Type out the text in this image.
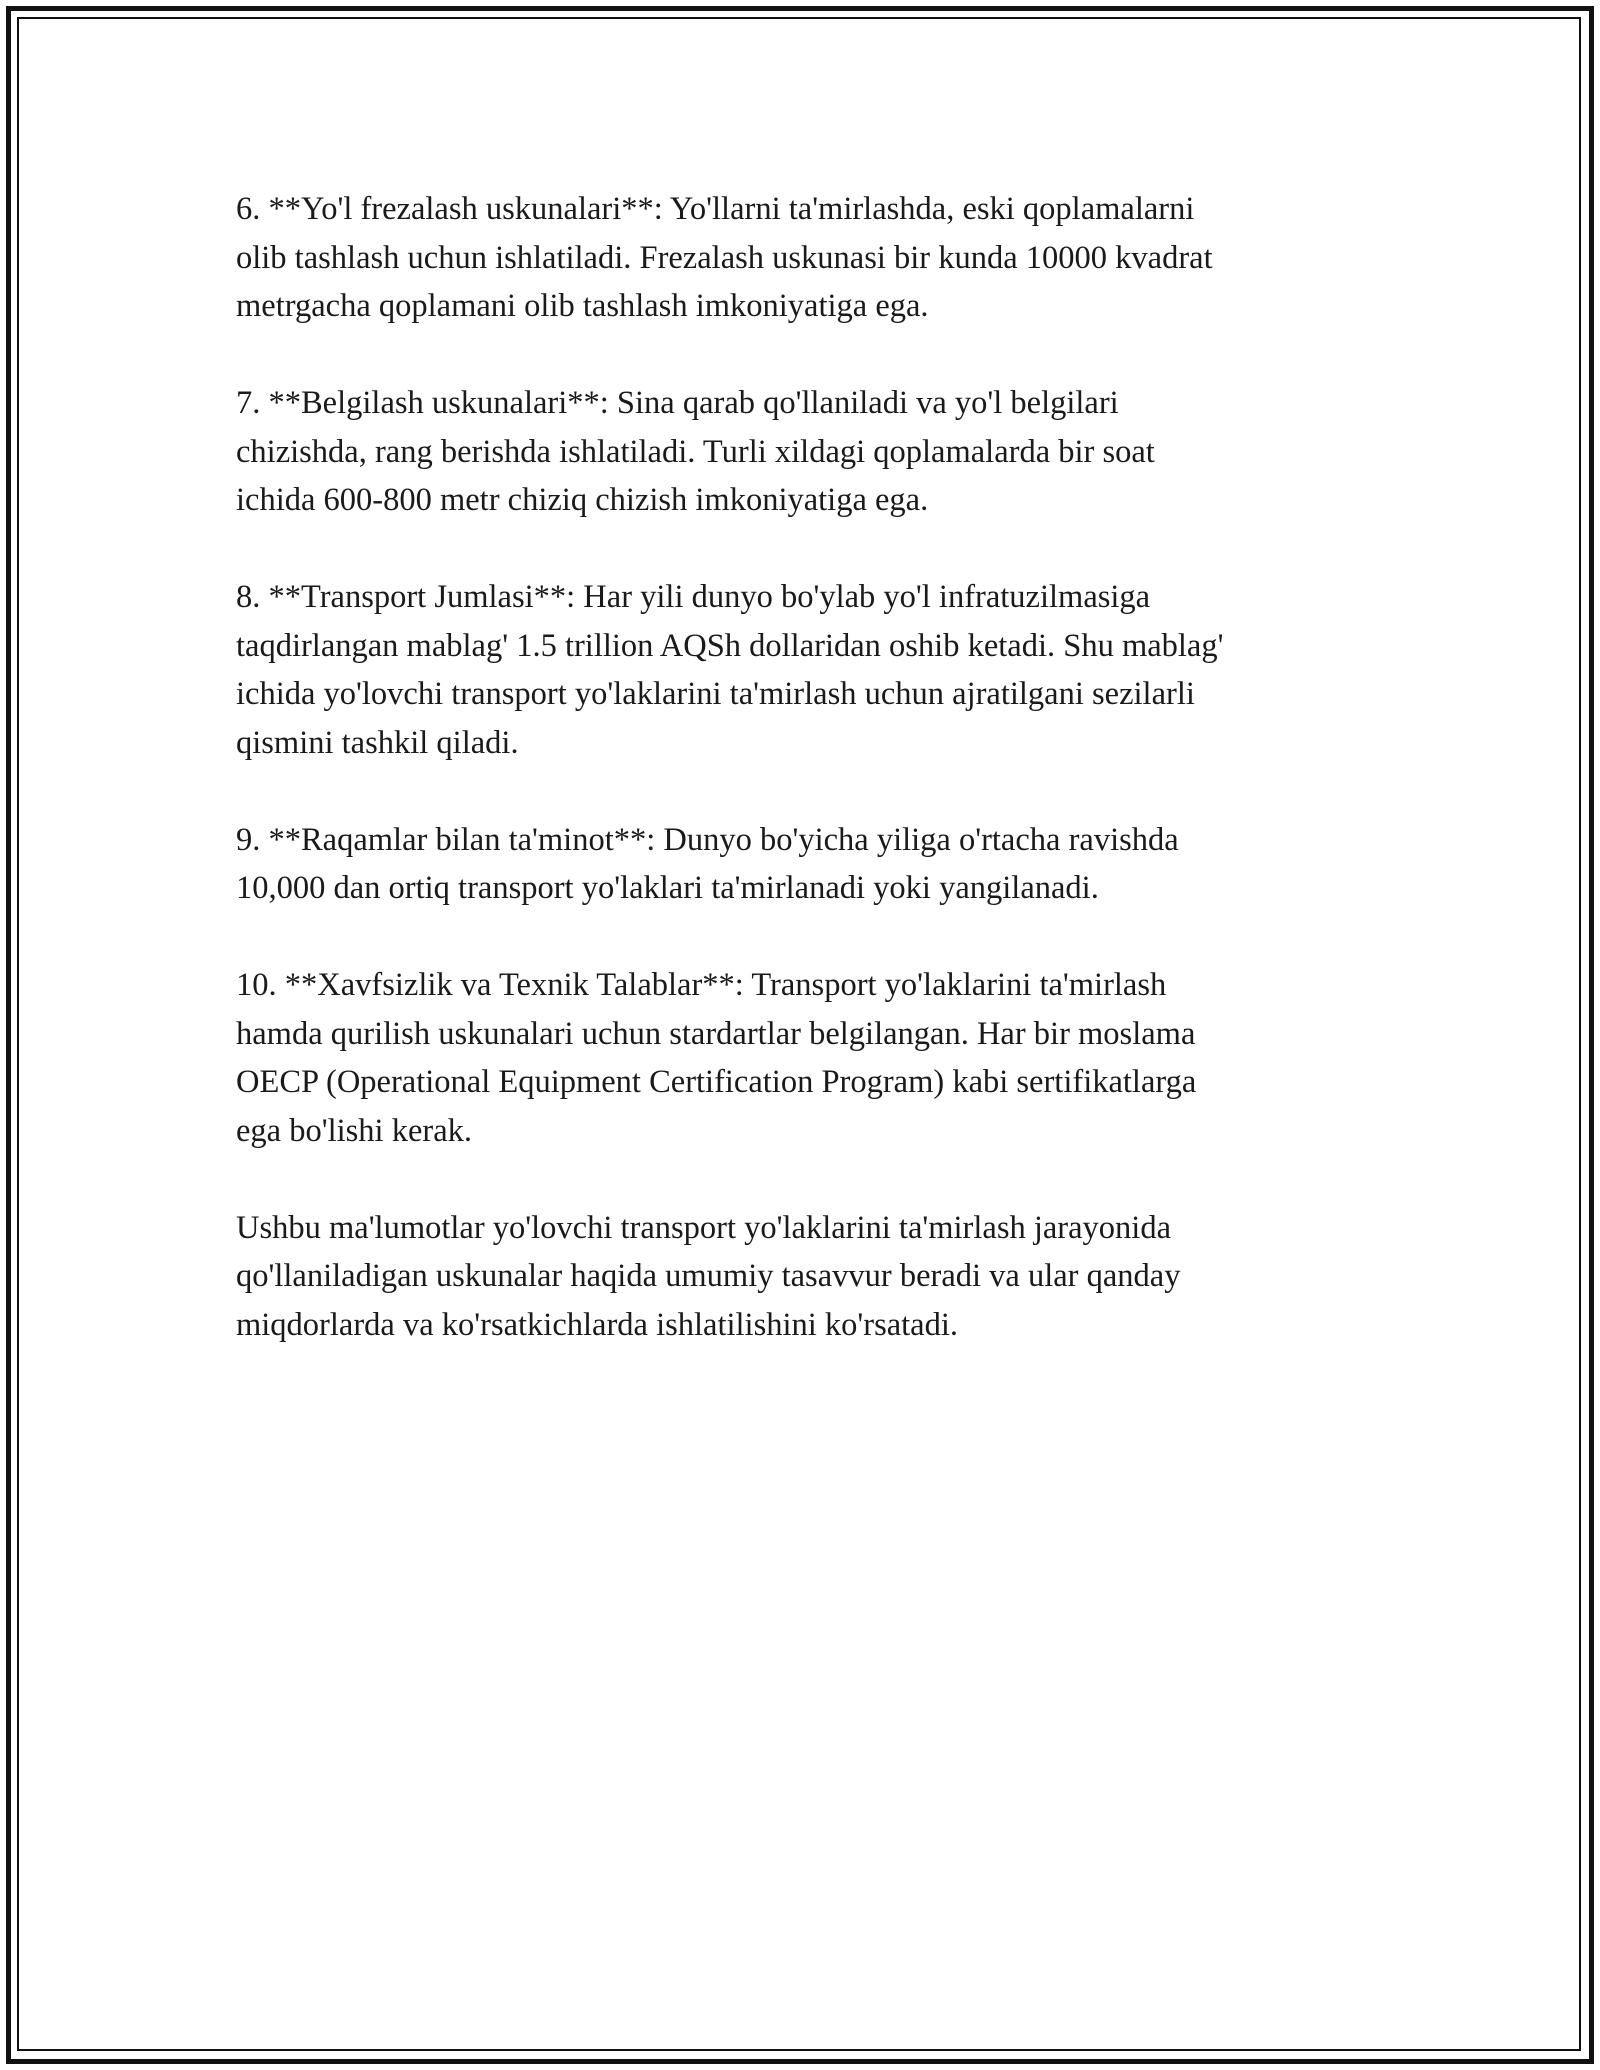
6. **Yo'l frezalash uskunalari**: Yo'llarni ta'mirlashda, eski qoplamalarni
olib tashlash uchun ishlatiladi. Frezalash uskunasi bir kunda 10000 kvadrat
metrgacha qoplamani olib tashlash imkoniyatiga ega.

7. **Belgilash uskunalari**: Sina qarab qo'llaniladi va yo'l belgilari
chizishda, rang berishda ishlatiladi. Turli xildagi qoplamalarda bir soat
ichida 600-800 metr chiziq chizish imkoniyatiga ega.

8. **Transport Jumlasi**: Har yili dunyo bo'ylab yo'l infratuzilmasiga
taqdirlangan mablag' 1.5 trillion AQSh dollaridan oshib ketadi. Shu mablag'
ichida yo'lovchi transport yo'laklarini ta'mirlash uchun ajratilgani sezilarli
qismini tashkil qiladi.

9. **Raqamlar bilan ta'minot**: Dunyo bo'yicha yiliga o'rtacha ravishda
10,000 dan ortiq transport yo'laklari ta'mirlanadi yoki yangilanadi.

10. **Xavfsizlik va Texnik Talablar**: Transport yo'laklarini ta'mirlash
hamda qurilish uskunalari uchun stardartlar belgilangan. Har bir moslama
OECP (Operational Equipment Certification Program) kabi sertifikatlarga
ega bo'lishi kerak.

Ushbu ma'lumotlar yo'lovchi transport yo'laklarini ta'mirlash jarayonida
qo'llaniladigan uskunalar haqida umumiy tasavvur beradi va ular qanday
miqdorlarda va ko'rsatkichlarda ishlatilishini ko'rsatadi.
